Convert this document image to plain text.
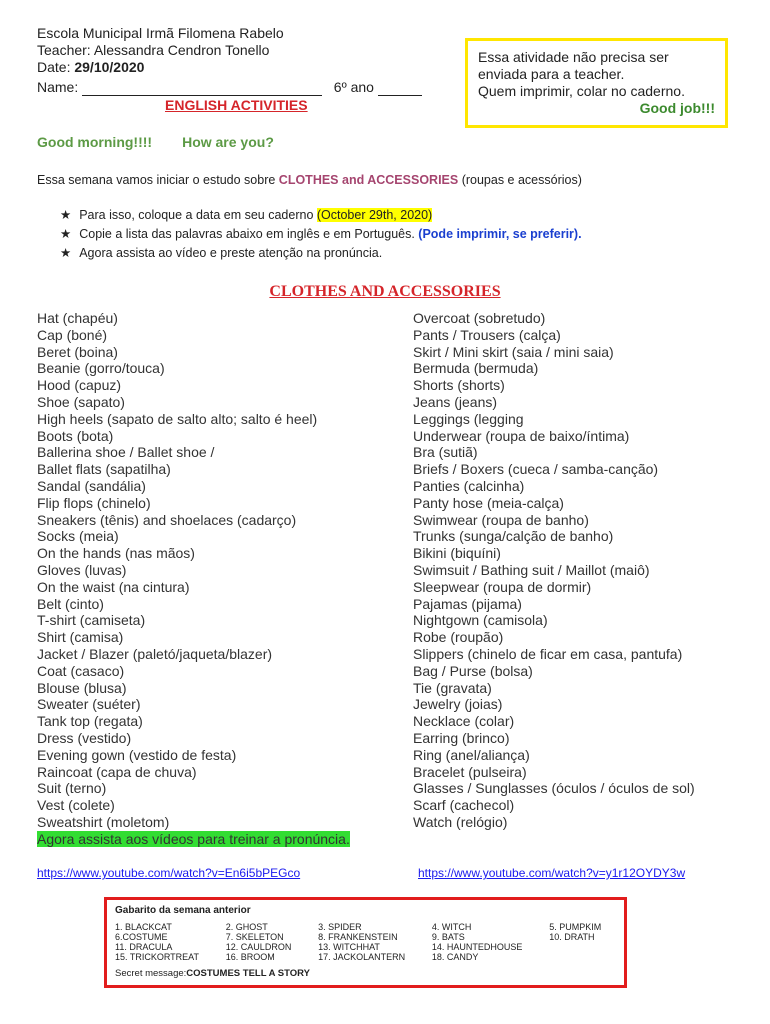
Escola Municipal Irmã Filomena Rabelo
Teacher: Alessandra Cendron Tonello
Date: 29/10/2020
Name:	6º ano
ENGLISH ACTIVITIES
Essa atividade não precisa ser
enviada para a teacher.
Quem imprimir, colar no caderno.
Good job!!!
Good morning!!!! How are you?
Essa semana vamos iniciar o estudo sobre CLOTHES and ACCESSORIES (roupas e acessórios)
★ Para isso, coloque a data em seu caderno (October 29th, 2020)
★ Copie a lista das palavras abaixo em inglês e em Português. (Pode imprimir, se preferir).
★ Agora assista ao vídeo e preste atenção na pronúncia.
CLOTHES AND ACCESSORIES
Hat (chapéu)
Cap (boné)
Beret (boina)
Beanie (gorro/touca)
Hood (capuz)
Shoe (sapato)
High heels (sapato de salto alto; salto é heel)
Boots (bota)
Ballerina shoe / Ballet shoe /
Ballet flats (sapatilha)
Sandal (sandália)
Flip flops (chinelo)
Sneakers (tênis) and shoelaces (cadarço)
Socks (meia)
On the hands (nas mãos)
Gloves (luvas)
On the waist (na cintura)
Belt (cinto)
T-shirt (camiseta)
Shirt (camisa)
Jacket / Blazer (paletó/jaqueta/blazer)
Coat (casaco)
Blouse (blusa)
Sweater (suéter)
Tank top (regata)
Dress (vestido)
Evening gown (vestido de festa)
Raincoat (capa de chuva)
Suit (terno)
Vest (colete)
Sweatshirt (moletom)
Agora assista aos vídeos para treinar a pronúncia.
Overcoat (sobretudo)
Pants / Trousers (calça)
Skirt / Mini skirt (saia / mini saia)
Bermuda (bermuda)
Shorts (shorts)
Jeans (jeans)
Leggings (legging
Underwear (roupa de baixo/íntima)
Bra (sutiã)
Briefs / Boxers (cueca / samba-canção)
Panties (calcinha)
Panty hose (meia-calça)
Swimwear (roupa de banho)
Trunks (sunga/calção de banho)
Bikini (biquíni)
Swimsuit / Bathing suit / Maillot (maiô)
Sleepwear (roupa de dormir)
Pajamas (pijama)
Nightgown (camisola)
Robe (roupão)
Slippers (chinelo de ficar em casa, pantufa)
Bag / Purse (bolsa)
Tie (gravata)
Jewelry (joias)
Necklace (colar)
Earring (brinco)
Ring (anel/aliança)
Bracelet (pulseira)
Glasses / Sunglasses (óculos / óculos de sol)
Scarf (cachecol)
Watch (relógio)
https://www.youtube.com/watch?v=En6i5bPEGco	https://www.youtube.com/watch?v=y1r12OYDY3w
Gabarito da semana anterior
1. BLACKCAT	2. GHOST	3. SPIDER	4. WITCH	5. PUMPKIM
6.COSTUME	7. SKELETON	8. FRANKENSTEIN	9. BATS	10. DRATH
11. DRACULA	12. CAULDRON	13. WITCHHAT	14. HAUNTEDHOUSE
15. TRICKORTREAT	16. BROOM	17. JACKOLANTERN	18. CANDY
Secret message:COSTUMES TELL A STORY
